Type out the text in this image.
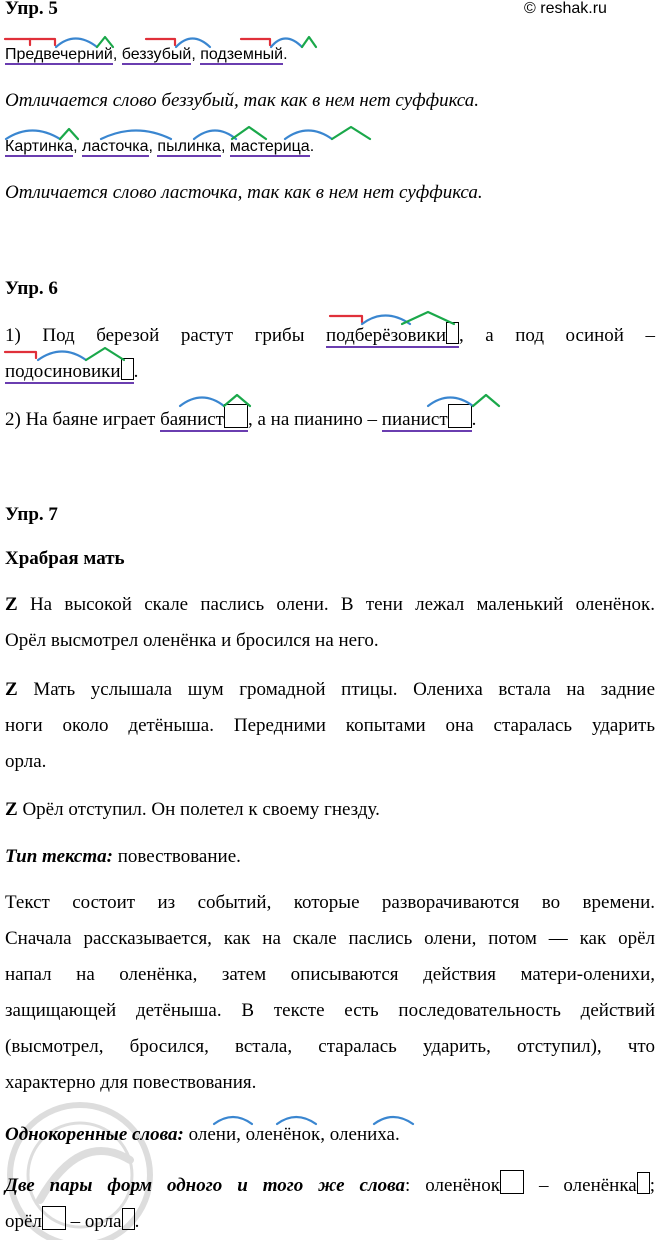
Упр. 5	© reshak.ru
Предвечерний, беззубый, подземный.
Отличается слово беззубый, так как в нем нет суффикса.
Картинка, ласточка, пылинка, мастерица.
Отличается слово ласточка, так как в нем нет суффикса.
Упр. 6
1) Под березой растут грибы подберёзовики , а под осиной –
подосиновики .
2) На баяне играет баянист , а на пианино – пианист .
Упр. 7
Храбрая мать
Z На высокой скале паслись олени. В тени лежал маленький оленёнок.
Орёл высмотрел оленёнка и бросился на него.
Z Мать услышала шум громадной птицы. Олениха встала на задние
ноги около детёныша. Передними копытами она старалась ударить
орла.
Z Орёл отступил. Он полетел к своему гнезду.
Тип текста: повествование.
Текст состоит из событий, которые разворачиваются во времени.
Сначала рассказывается, как на скале паслись олени, потом — как орёл
напал на оленёнка, затем описываются действия матери-оленихи,
защищающей детёныша. В тексте есть последовательность действий
(высмотрел, бросился, встала, старалась ударить, отступил), что
характерно для повествования.
Однокоренные слова: олени, оленёнок, олениха.
Две пары форм одного и того же слова: оленёнок – оленёнка ;
орёл – орла .
